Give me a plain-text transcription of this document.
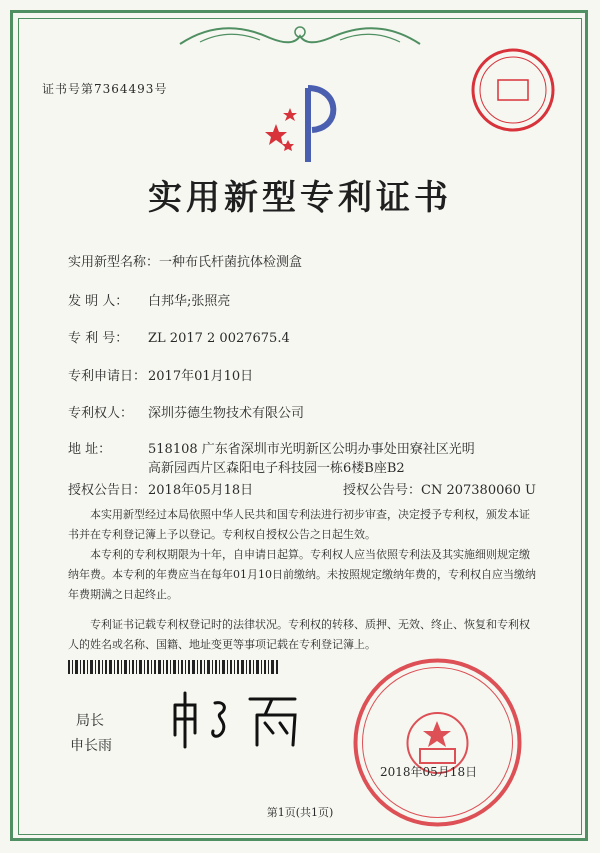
证书号第7364493号
实用新型专利证书
实用新型名称：一种布氏杆菌抗体检测盒
发 明 人： 白邦华;张照亮
专 利 号： ZL 2017 2 0027675.4
专利申请日： 2017年01月10日
专利权人： 深圳芬德生物技术有限公司
地 址：	518108 广东省深圳市光明新区公明办事处田寮社区光明
高新园西片区森阳电子科技园一栋6楼B座B2
授权公告日： 2018年05月18日	授权公告号：CN 207380060 U

本实用新型经过本局依照中华人民共和国专利法进行初步审查，决定授予专利权，颁发本证书并在专利登记簿上予以登记。专利权自授权公告之日起生效。

本专利的专利权期限为十年，自申请日起算。专利权人应当依照专利法及其实施细则规定缴纳年费。本专利的年费应当在每年01月10日前缴纳。未按照规定缴纳年费的，专利权自应当缴纳年费期满之日起终止。

专利证书记载专利权登记时的法律状况。专利权的转移、质押、无效、终止、恢复和专利权人的姓名或名称、国籍、地址变更等事项记载在专利登记簿上。

局长
申长雨
2018年05月18日
第1页(共1页)
